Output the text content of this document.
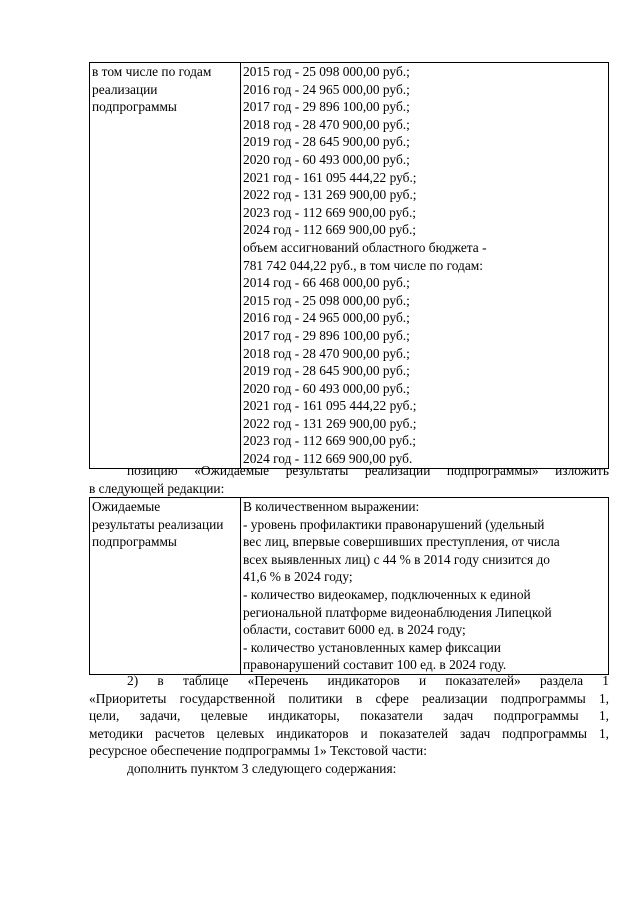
в том числе по годам
реализации
подпрограммы

2015 год - 25 098 000,00 руб.;
2016 год - 24 965 000,00 руб.;
2017 год - 29 896 100,00 руб.;
2018 год - 28 470 900,00 руб.;
2019 год - 28 645 900,00 руб.;
2020 год - 60 493 000,00 руб.;
2021 год - 161 095 444,22 руб.;
2022 год - 131 269 900,00 руб.;
2023 год - 112 669 900,00 руб.;
2024 год - 112 669 900,00 руб.;
объем ассигнований областного бюджета -
781 742 044,22 руб., в том числе по годам:
2014 год - 66 468 000,00 руб.;
2015 год - 25 098 000,00 руб.;
2016 год - 24 965 000,00 руб.;
2017 год - 29 896 100,00 руб.;
2018 год - 28 470 900,00 руб.;
2019 год - 28 645 900,00 руб.;
2020 год - 60 493 000,00 руб.;
2021 год - 161 095 444,22 руб.;
2022 год - 131 269 900,00 руб.;
2023 год - 112 669 900,00 руб.;
2024 год - 112 669 900,00 руб.
позицию «Ожидаемые результаты реализации подпрограммы» изложить
в следующей редакции:
Ожидаемые
результаты реализации
подпрограммы

В количественном выражении:
- уровень профилактики правонарушений (удельный
вес лиц, впервые совершивших преступления, от числа
всех выявленных лиц) с 44 % в 2014 году снизится до
41,6 % в 2024 году;
- количество видеокамер, подключенных к единой
региональной платформе видеонаблюдения Липецкой
области, составит 6000 ед. в 2024 году;
- количество установленных камер фиксации
правонарушений составит 100 ед. в 2024 году.
2) в таблице «Перечень индикаторов и показателей» раздела 1
«Приоритеты государственной политики в сфере реализации подпрограммы 1,
цели, задачи, целевые индикаторы, показатели задач подпрограммы 1,
методики расчетов целевых индикаторов и показателей задач подпрограммы 1,
ресурсное обеспечение подпрограммы 1» Текстовой части:
дополнить пунктом 3 следующего содержания:
